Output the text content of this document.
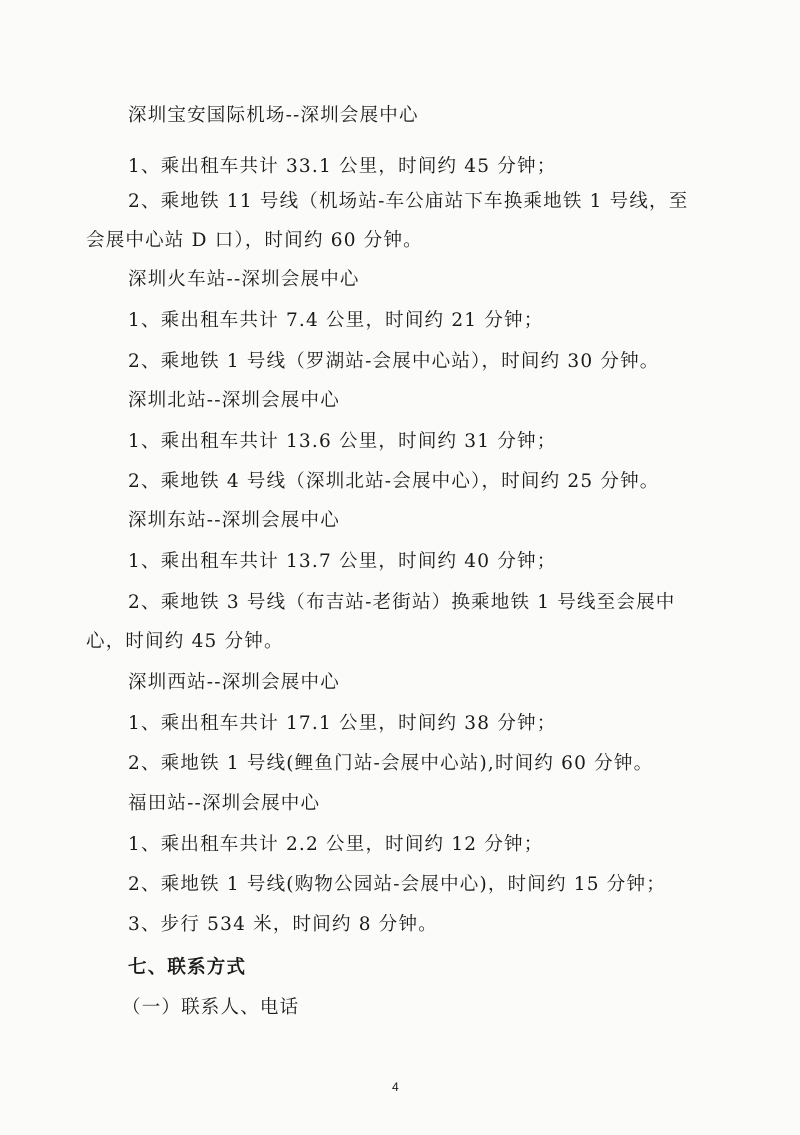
深圳宝安国际机场--深圳会展中心
1、乘出租车共计 33.1 公里，时间约 45 分钟；
2、乘地铁 11 号线（机场站-车公庙站下车换乘地铁 1 号线，至
会展中心站 D 口），时间约 60 分钟。
深圳火车站--深圳会展中心
1、乘出租车共计 7.4 公里，时间约 21 分钟；
2、乘地铁 1 号线（罗湖站-会展中心站），时间约 30 分钟。
深圳北站--深圳会展中心
1、乘出租车共计 13.6 公里，时间约 31 分钟；
2、乘地铁 4 号线（深圳北站-会展中心），时间约 25 分钟。
深圳东站--深圳会展中心
1、乘出租车共计 13.7 公里，时间约 40 分钟；
2、乘地铁 3 号线（布吉站-老街站）换乘地铁 1 号线至会展中
心，时间约 45 分钟。
深圳西站--深圳会展中心
1、乘出租车共计 17.1 公里，时间约 38 分钟；
2、乘地铁 1 号线(鲤鱼门站-会展中心站),时间约 60 分钟。
福田站--深圳会展中心
1、乘出租车共计 2.2 公里，时间约 12 分钟；
2、乘地铁 1 号线(购物公园站-会展中心)，时间约 15 分钟；
3、步行 534 米，时间约 8 分钟。
七、联系方式
（一）联系人、电话
4
